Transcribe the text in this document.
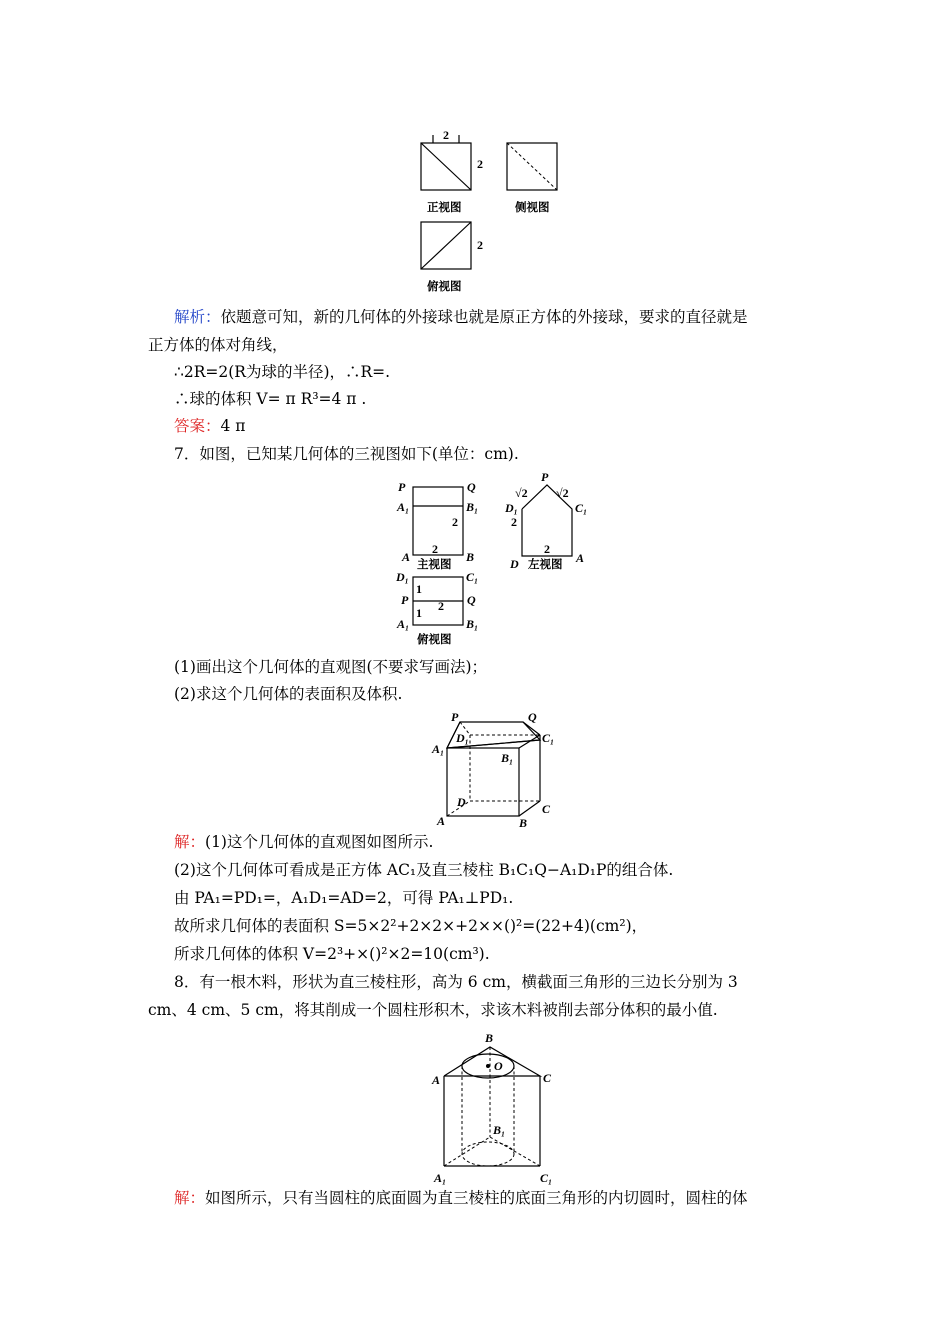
2
2
正视图	侧视图
2
俯视图
P	Q
A₁	B₁
2
2
A	B
主视图
P
√2 √2
D₁	C₁
2
2
D	A
左视图
D₁	C₁
P	Q
1
1 2
A₁	B₁
俯视图
P	Q
D₁	C₁
A₁
B₁
D	C
A	B
B
O
A	C
B₁
A₁	C₁
解析：依题意可知，新的几何体的外接球也就是原正方体的外接球，要求的直径就是
正方体的体对角线，
∴2R=2(R为球的半径)，∴R=.
∴球的体积 V= π R³=4 π .
答案：4 π
7．如图，已知某几何体的三视图如下(单位：cm).
(1)画出这个几何体的直观图(不要求写画法)；
(2)求这个几何体的表面积及体积.
解：(1)这个几何体的直观图如图所示.
(2)这个几何体可看成是正方体 AC₁及直三棱柱 B₁C₁Q−A₁D₁P的组合体.
由 PA₁=PD₁=，A₁D₁=AD=2，可得 PA₁⊥PD₁.
故所求几何体的表面积 S=5×2²+2×2×+2××()²=(22+4)(cm²)，
所求几何体的体积 V=2³+×()²×2=10(cm³).
8．有一根木料，形状为直三棱柱形，高为 6 cm，横截面三角形的三边长分别为 3
cm、4 cm、5 cm，将其削成一个圆柱形积木，求该木料被削去部分体积的最小值.
解：如图所示，只有当圆柱的底面圆为直三棱柱的底面三角形的内切圆时，圆柱的体
